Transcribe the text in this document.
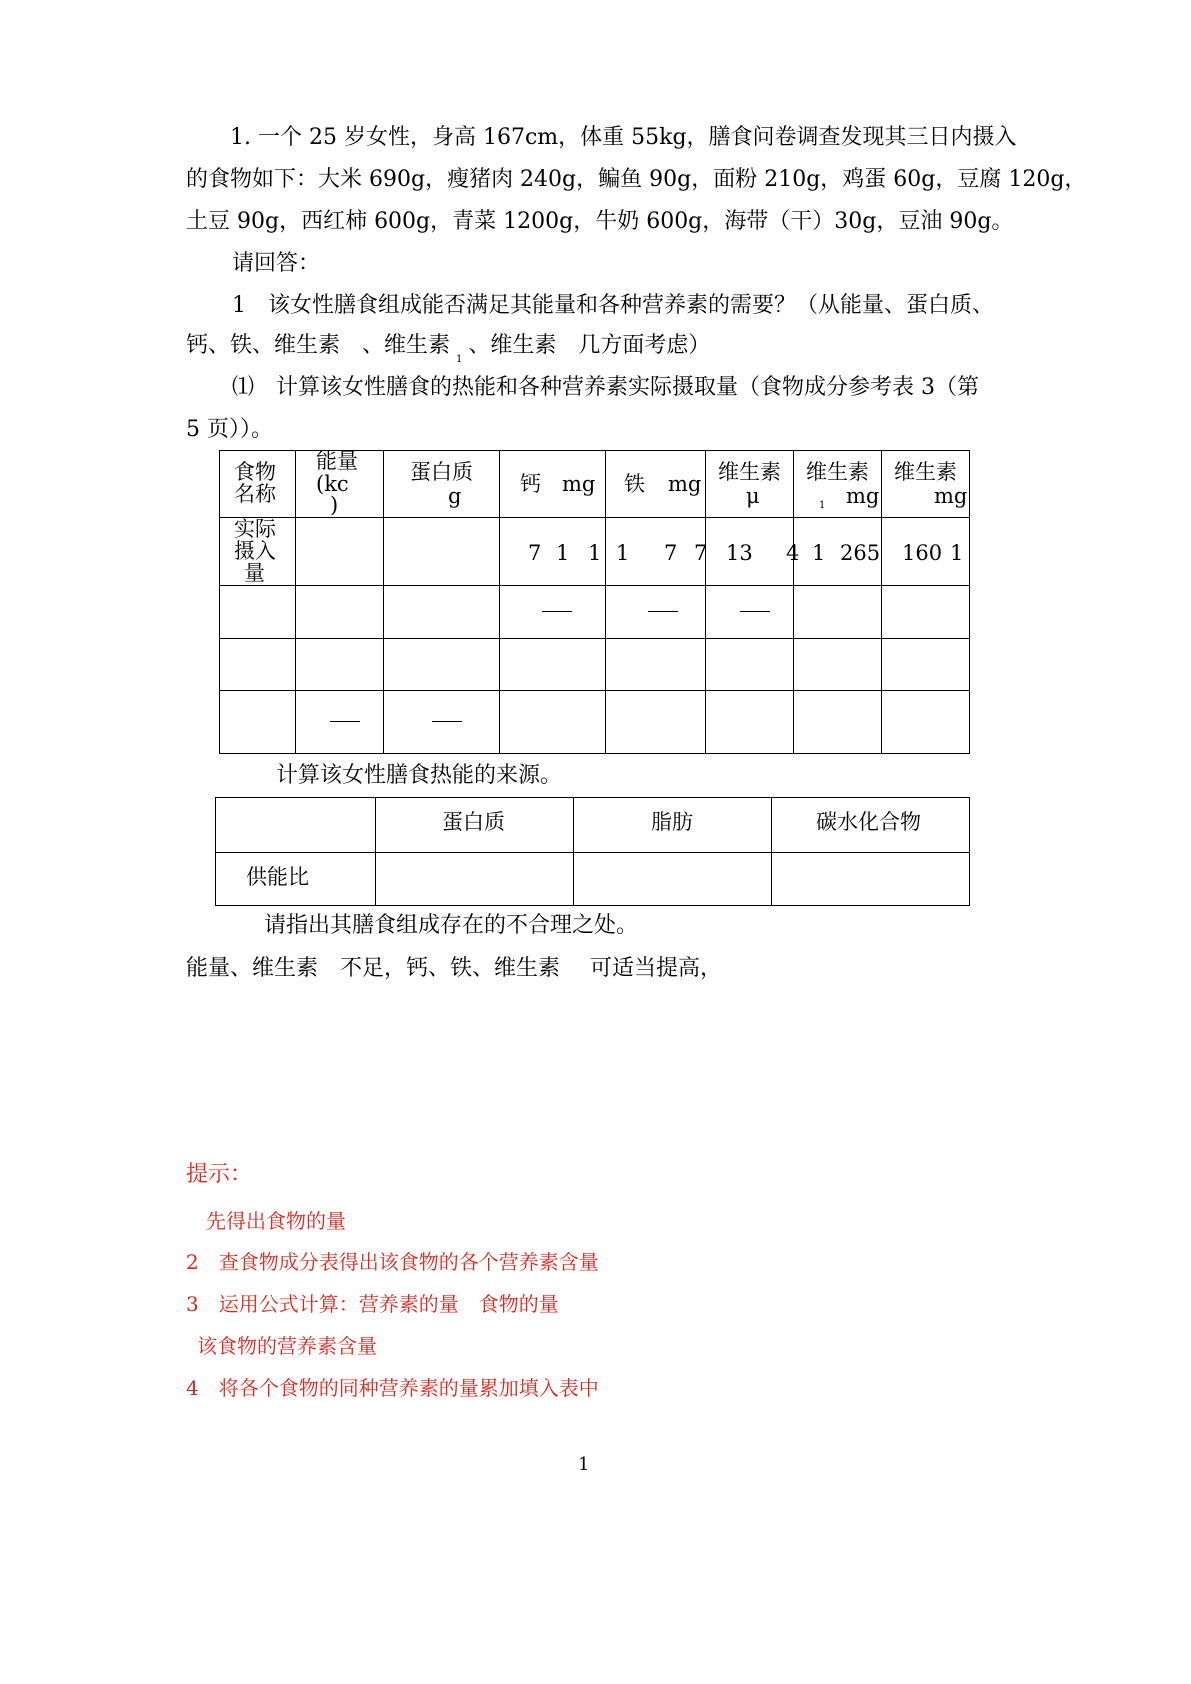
1. 一个 25 岁女性，身高 167cm，体重 55kg，膳食问卷调查发现其三日内摄入
的食物如下：大米 690g，瘦猪肉 240g，鳊鱼 90g，面粉 210g，鸡蛋 60g，豆腐 120g，
土豆 90g，西红柿 600g，青菜 1200g，牛奶 600g，海带（干）30g，豆油 90g。
请回答：
1　该女性膳食组成能否满足其能量和各种营养素的需要？（从能量、蛋白质、
钙、铁、维生素　、维生素$_1$、维生素　几方面考虑）
⑴　计算该女性膳食的热能和各种营养素实际摄取量（食物成分参考表 3（第
5 页））。
食物
名称	能量
(kc
)	蛋白质
g	钙 mg	铁 mg	维生素
μ	维生素
1 mg	维生素
mg

实际
摄入
量			7 1 1	1 7 7	13 4	1 265	160 1

计算该女性膳食热能的来源。

	蛋白质	脂肪	碳水化合物

供能比			

请指出其膳食组成存在的不合理之处。
能量、维生素　不足，钙、铁、维生素 可适当提高，
提示：
先得出食物的量
2　查食物成分表得出该食物的各个营养素含量
3　运用公式计算：营养素的量　食物的量
该食物的营养素含量
4　将各个食物的同种营养素的量累加填入表中
1
